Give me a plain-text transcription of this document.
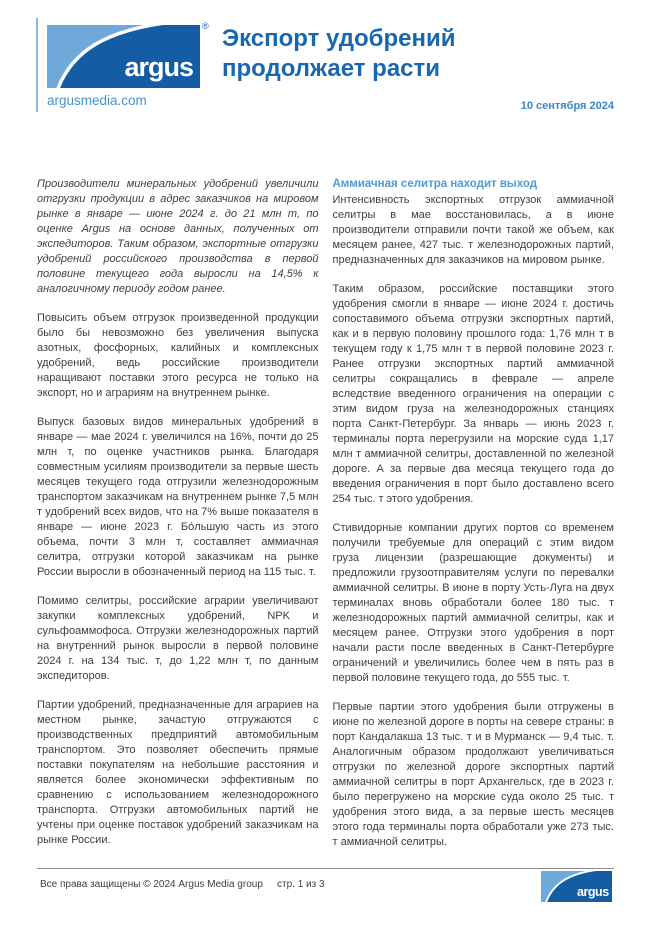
argus
® Экспорт удобрений
продолжает расти
argusmedia.com	10 сентября 2024

Производители минеральных удобрений увеличили отгрузки продукции в адрес заказчиков на мировом рынке в январе — июне 2024 г. до 21 млн т, по оценке Argus на основе данных, полученных от экспедиторов. Таким образом, экспортные отгрузки удобрений российского производства в первой половине текущего года выросли на 14,5% к аналогичному периоду годом ранее.

Повысить объем отгрузок произведенной продукции было бы невозможно без увеличения выпуска азотных, фосфорных, калийных и комплексных удобрений, ведь российские производители наращивают поставки этого ресурса не только на экспорт, но и аграриям на внутреннем рынке.

Выпуск базовых видов минеральных удобрений в январе — мае 2024 г. увеличился на 16%, почти до 25 млн т, по оценке участников рынка. Благодаря совместным усилиям производители за первые шесть месяцев текущего года отгрузили железнодорожным транспортом заказчикам на внутреннем рынке 7,5 млн т удобрений всех видов, что на 7% выше показателя в январе — июне 2023 г. Бо́льшую часть из этого объема, почти 3 млн т, составляет аммиачная селитра, отгрузки которой заказчикам на рынке России выросли в обозначенный период на 115 тыс. т.

Помимо селитры, российские аграрии увеличивают закупки комплексных удобрений, NPK и сульфоаммофоса. Отгрузки железнодорожных партий на внутренний рынок выросли в первой половине 2024 г. на 134 тыс. т, до 1,22 млн т, по данным экспедиторов.

Партии удобрений, предназначенные для аграриев на местном рынке, зачастую отгружаются с производственных предприятий автомобильным транспортом. Это позволяет обеспечить прямые поставки покупателям на небольшие расстояния и является более экономически эффективным по сравнению с использованием железнодорожного транспорта. Отгрузки автомобильных партий не учтены при оценке поставок удобрений заказчикам на рынке России.

Аммиачная селитра находит выход

Интенсивность экспортных отгрузок аммиачной селитры в мае восстановилась, а в июне производители отправили почти такой же объем, как месяцем ранее, 427 тыс. т железнодорожных партий, предназначенных для заказчиков на мировом рынке.

Таким образом, российские поставщики этого удобрения смогли в январе — июне 2024 г. достичь сопоставимого объема отгрузки экспортных партий, как и в первую половину прошлого года: 1,76 млн т в текущем году к 1,75 млн т в первой половине 2023 г. Ранее отгрузки экспортных партий аммиачной селитры сокращались в феврале — апреле вследствие введенного ограничения на операции с этим видом груза на железнодорожных станциях порта Санкт-Петербург. За январь — июнь 2023 г. терминалы порта перегрузили на морские суда 1,17 млн т аммиачной селитры, доставленной по железной дороге. А за первые два месяца текущего года до введения ограничения в порт было доставлено всего 254 тыс. т этого удобрения.

Стивидорные компании других портов со временем получили требуемые для операций с этим видом груза лицензии (разрешающие документы) и предложили грузоотправителям услуги по перевалки аммиачной селитры. В июне в порту Усть-Луга на двух терминалах вновь обработали более 180 тыс. т железнодорожных партий аммиачной селитры, как и месяцем ранее. Отгрузки этого удобрения в порт начали расти после введенных в Санкт-Петербурге ограничений и увеличились более чем в пять раз в первой половине текущего года, до 555 тыс. т.

Первые партии этого удобрения были отгружены в июне по железной дороге в порты на севере страны: в порт Кандалакша 13 тыс. т и в Мурманск — 9,4 тыс. т. Аналогичным образом продолжают увеличиваться отгрузки по железной дороге экспортных партий аммиачной селитры в порт Архангельск, где в 2023 г. было перегружено на морские суда около 25 тыс. т удобрения этого вида, а за первые шесть месяцев этого года терминалы порта обработали уже 273 тыс. т аммиачной селитры.

Все права защищены © 2024 Argus Media group стр. 1 из 3	argus
